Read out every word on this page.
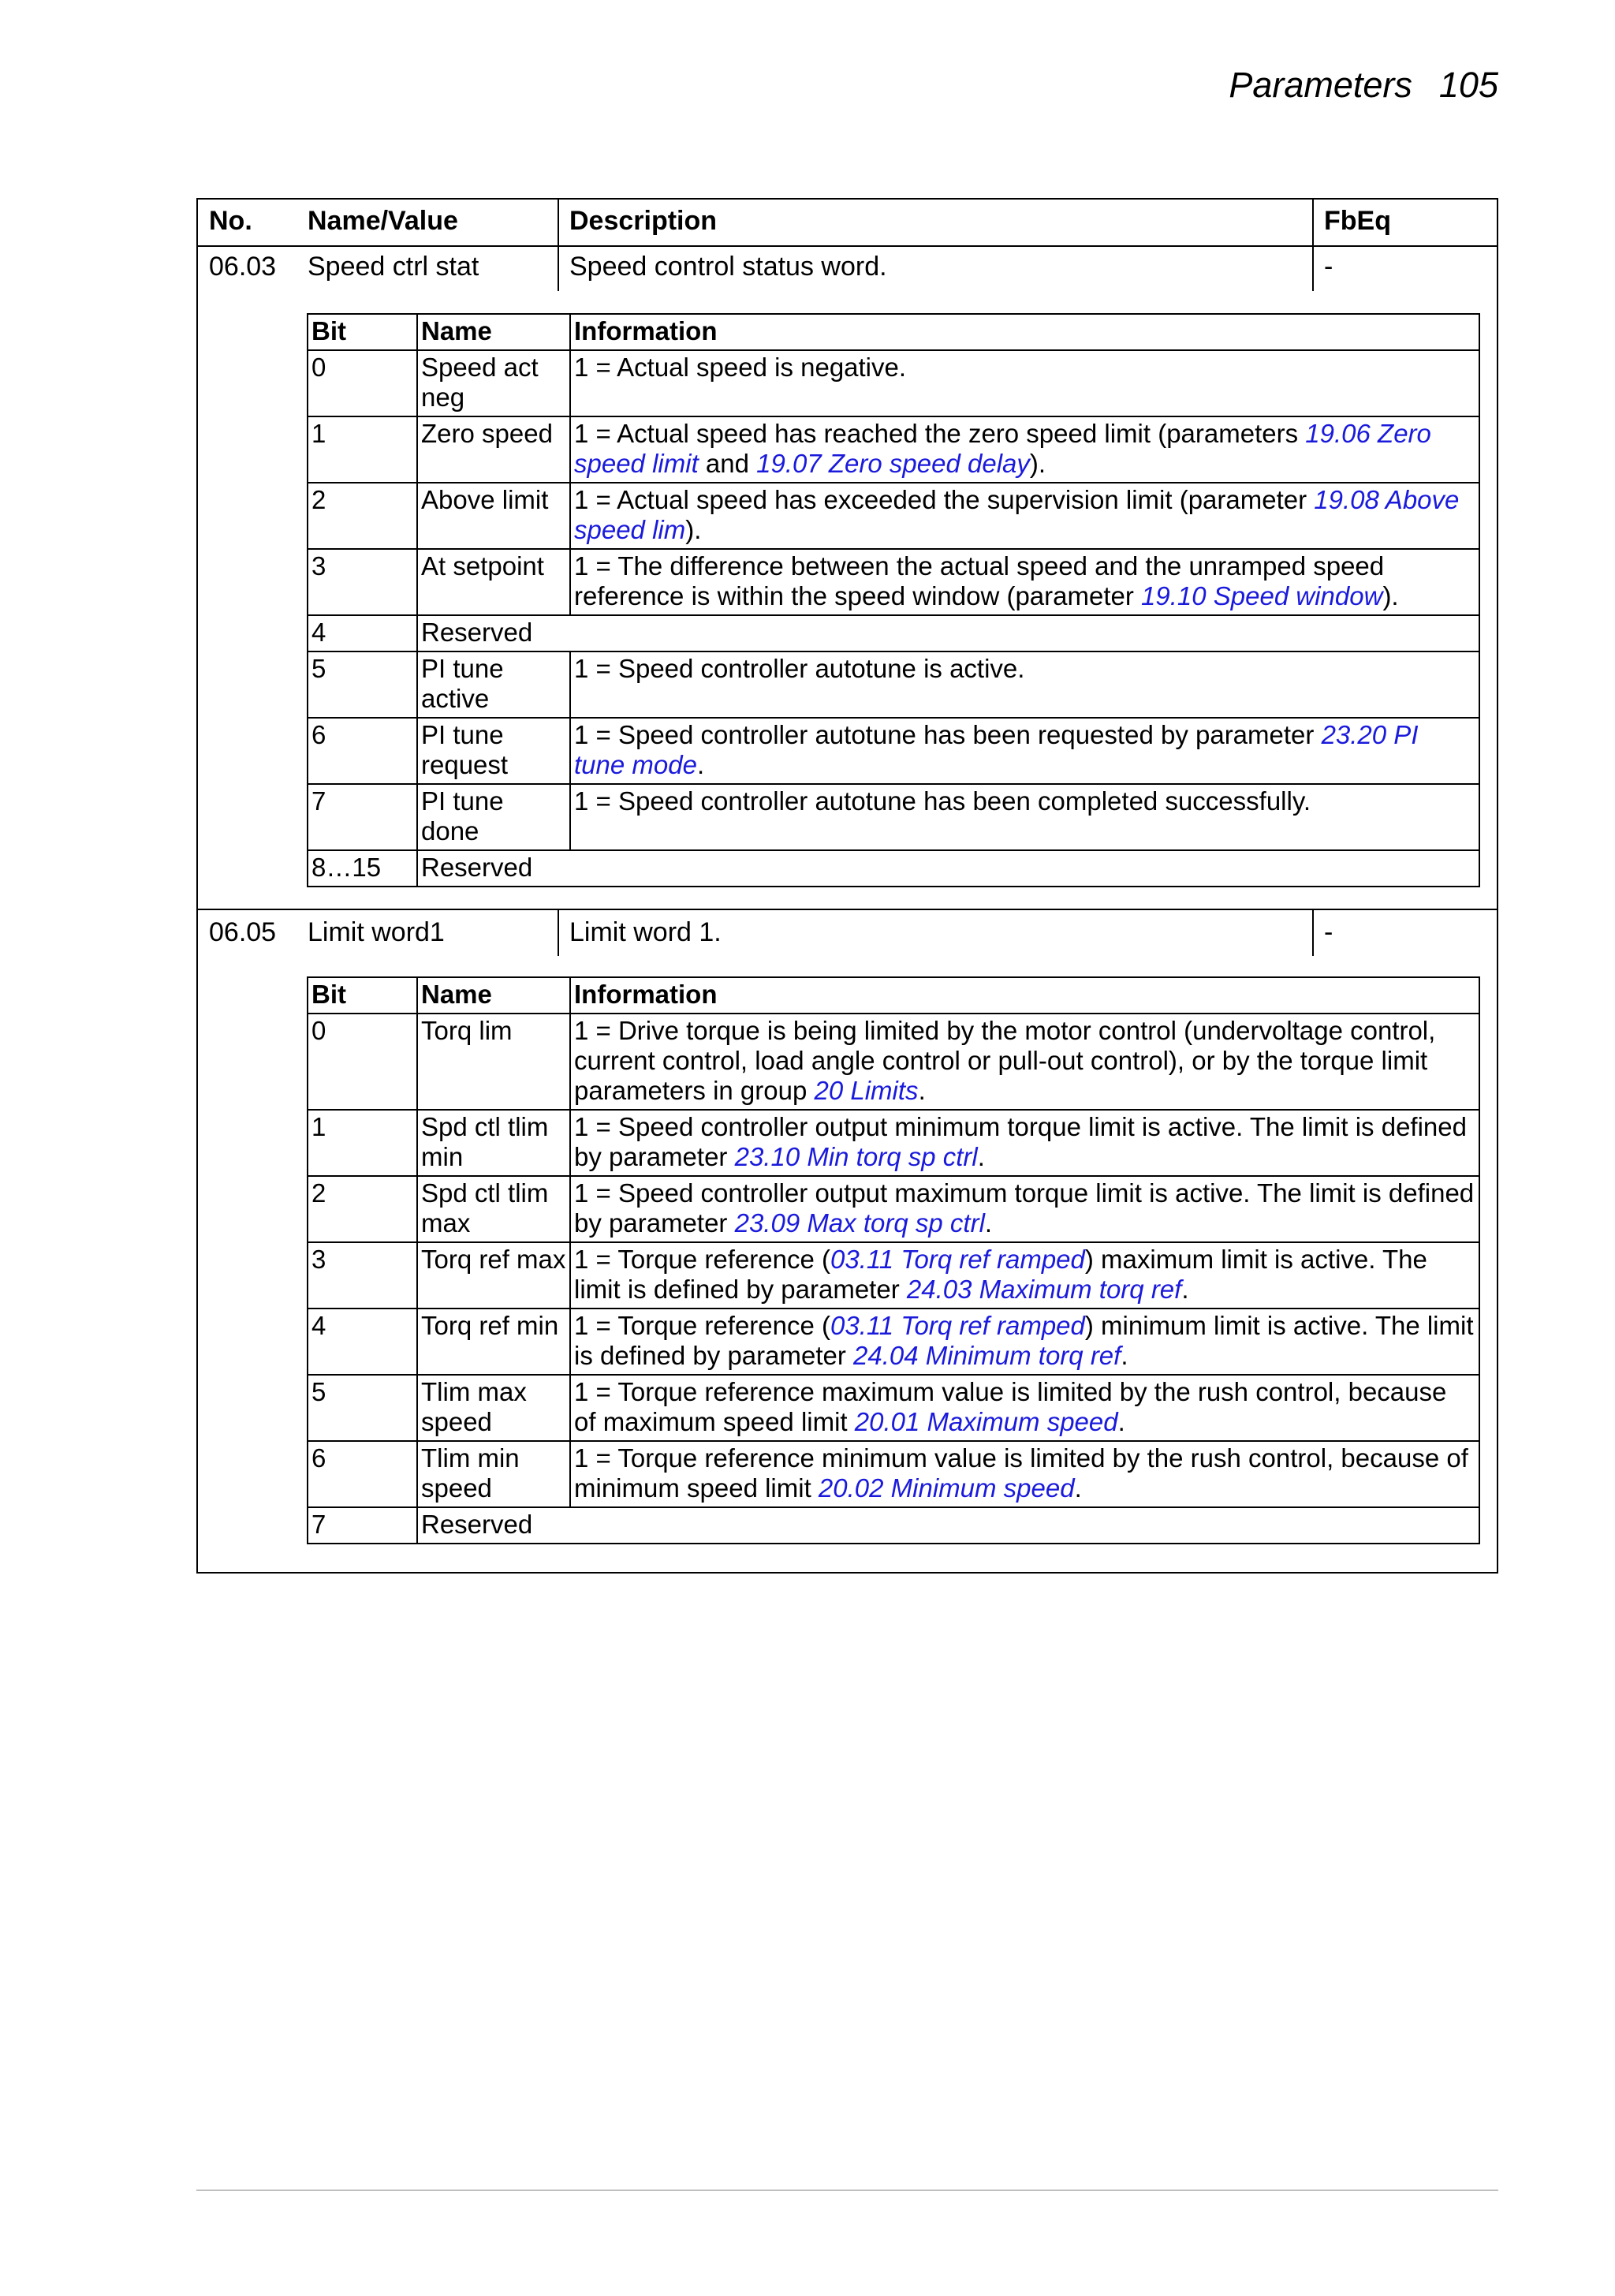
Parameters 105
No. Name/Value	Description	FbEq
06.03 Speed ctrl stat	Speed control status word.	-
Bit	Name	Information
0	Speed act neg	1 = Actual speed is negative.
1	Zero speed	1 = Actual speed has reached the zero speed limit (parameters 19.06 Zero speed limit and 19.07 Zero speed delay).
2	Above limit	1 = Actual speed has exceeded the supervision limit (parameter 19.08 Above speed lim).
3	At setpoint	1 = The difference between the actual speed and the unramped speed reference is within the speed window (parameter 19.10 Speed window).
4	Reserved	
5	PI tune active	1 = Speed controller autotune is active.
6	PI tune request	1 = Speed controller autotune has been requested by parameter 23.20 PI tune mode.
7	PI tune done	1 = Speed controller autotune has been completed successfully.
8…15	Reserved	
06.05 Limit word1	Limit word 1.	-
Bit	Name	Information
0	Torq lim	1 = Drive torque is being limited by the motor control (undervoltage control, current control, load angle control or pull-out control), or by the torque limit parameters in group 20 Limits.
1	Spd ctl tlim min	1 = Speed controller output minimum torque limit is active. The limit is defined by parameter 23.10 Min torq sp ctrl.
2	Spd ctl tlim max	1 = Speed controller output maximum torque limit is active. The limit is defined by parameter 23.09 Max torq sp ctrl.
3	Torq ref max	1 = Torque reference (03.11 Torq ref ramped) maximum limit is active. The limit is defined by parameter 24.03 Maximum torq ref.
4	Torq ref min	1 = Torque reference (03.11 Torq ref ramped) minimum limit is active. The limit is defined by parameter 24.04 Minimum torq ref.
5	Tlim max speed	1 = Torque reference maximum value is limited by the rush control, because of maximum speed limit 20.01 Maximum speed.
6	Tlim min speed	1 = Torque reference minimum value is limited by the rush control, because of minimum speed limit 20.02 Minimum speed.
7	Reserved	
